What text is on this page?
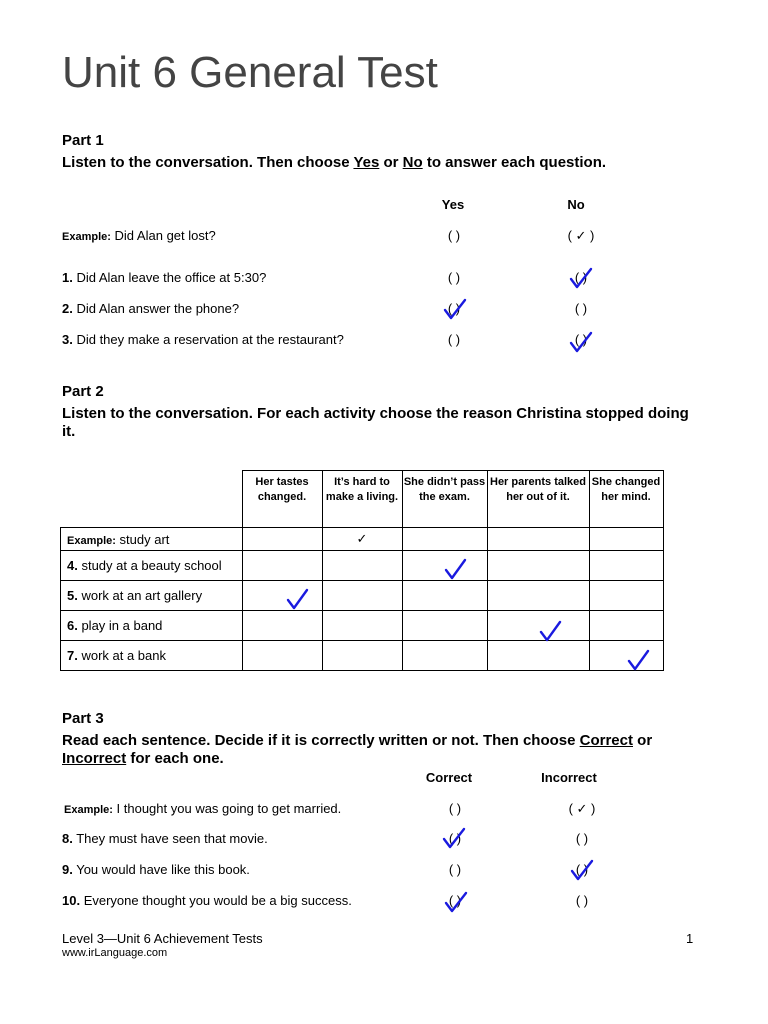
Unit 6 General Test
Part 1
Listen to the conversation. Then choose Yes or No to answer each question.
Yes	No
Example: Did Alan get lost?	( )	( ✓ )
1. Did Alan leave the office at 5:30?	( )	( )
2. Did Alan answer the phone?	( )	( )
3. Did they make a reservation at the restaurant?	( )	( )
Part 2
Listen to the conversation. For each activity choose the reason Christina stopped doing it.
	Her tastes changed.	It’s hard to make a living.	She didn’t pass the exam.	Her parents talked her out of it.	She changed her mind.
Example: study art		✓			
4. study at a beauty school					
5. work at an art gallery					
6. play in a band					
7. work at a bank					
Part 3
Read each sentence. Decide if it is correctly written or not. Then choose Correct or Incorrect for each one.
Correct	Incorrect
Example: I thought you was going to get married.	( )	( ✓ )
8. They must have seen that movie.	( )	( )
9. You would have like this book.	( )	( )
10. Everyone thought you would be a big success.	( )	( )
Level 3—Unit 6 Achievement Tests
www.irLanguage.com
1
